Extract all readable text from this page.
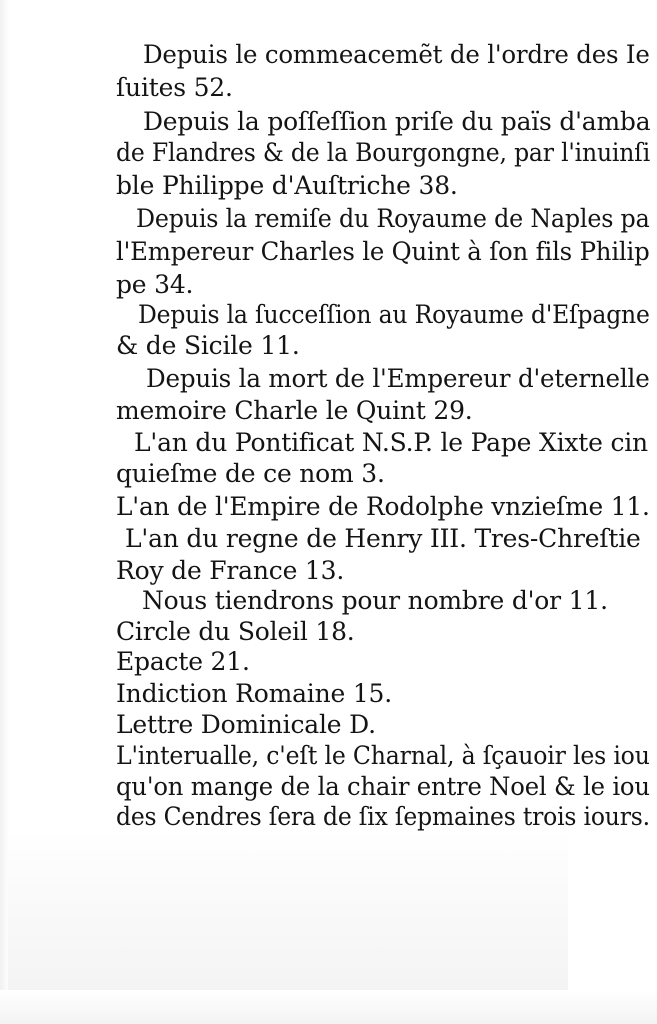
Depuis le commeacemẽt de l'ordre des Ie
ſuites 52.
Depuis la poſſeſſion priſe du païs d'amba
de Flandres & de la Bourgongne, par l'inuinſi
ble Philippe d'Auſtriche 38.
Depuis la remiſe du Royaume de Naples pa
l'Empereur Charles le Quint à ſon fils Philip
pe 34.
Depuis la ſucceſſion au Royaume d'Eſpagne
& de Sicile 11.
Depuis la mort de l'Empereur d'eternelle
memoire Charle le Quint 29.
L'an du Pontificat N.S.P. le Pape Xixte cin
quieſme de ce nom 3.
L'an de l'Empire de Rodolphe vnzieſme 11.
L'an du regne de Henry III. Tres-Chreſtie
Roy de France 13.
Nous tiendrons pour nombre d'or 11.
Circle du Soleil 18.
Epacte 21.
Indiction Romaine 15.
Lettre Dominicale D.
L'interualle, c'eſt le Charnal, à ſçauoir les iou
qu'on mange de la chair entre Noel & le iou
des Cendres ſera de ſix ſepmaines trois iours.
